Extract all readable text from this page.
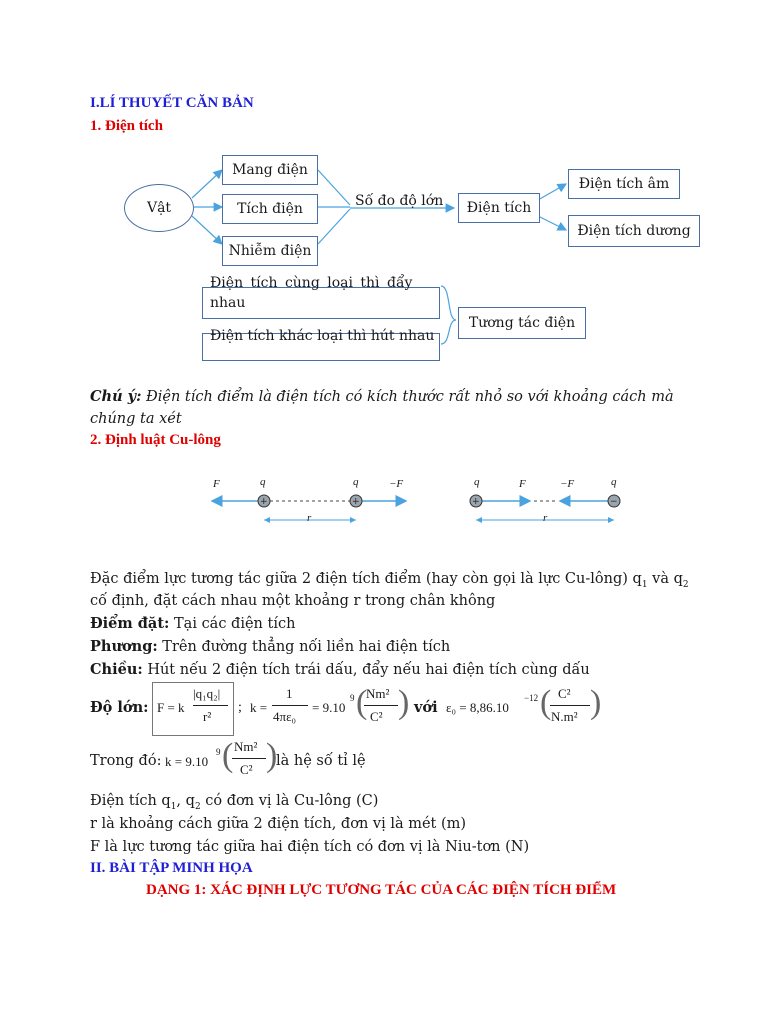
I.LÍ THUYẾT CĂN BẢN
1. Điện tích
Vật
Mang điện
Tích điện
Nhiễm điện
Số đo độ lớn	Điện tích
Điện tích âm
Điện tích dương
Điện tích cùng loại thì đẩy
nhau
Điện tích khác loại thì hút nhau
Tương tác điện
Chú ý: Điện tích điểm là điện tích có kích thước rất nhỏ so với khoảng cách mà
chúng ta xét
2. Định luật Cu-lông
+	+	+	−
F	q	q	−F
r
q	F	−F	q
r
Đặc điểm lực tương tác giữa 2 điện tích điểm (hay còn gọi là lực Cu-lông) $q_1$ và $q_2$
cố định, đặt cách nhau một khoảng r trong chân không
Điểm đặt: Tại các điện tích
Phương: Trên đường thẳng nối liền hai điện tích
Chiều: Hút nếu 2 điện tích trái dấu, đẩy nếu hai điện tích cùng dấu
Độ lớn: F = k
|q₁q₂|
r²
; k =
1
4πε₀
= 9.10
9 (
Nm²
C² ) với ε₀ = 8,86.10
−12 ( C²
N.m² )
Trong đó: k = 9.10
9 ( Nm²
C² )
là hệ số tỉ lệ
Điện tích $q_1$, $q_2$ có đơn vị là Cu-lông (C)
r là khoảng cách giữa 2 điện tích, đơn vị là mét (m)
F là lực tương tác giữa hai điện tích có đơn vị là Niu-tơn (N)
II. BÀI TẬP MINH HỌA
DẠNG 1: XÁC ĐỊNH LỰC TƯƠNG TÁC CỦA CÁC ĐIỆN TÍCH ĐIỂM
